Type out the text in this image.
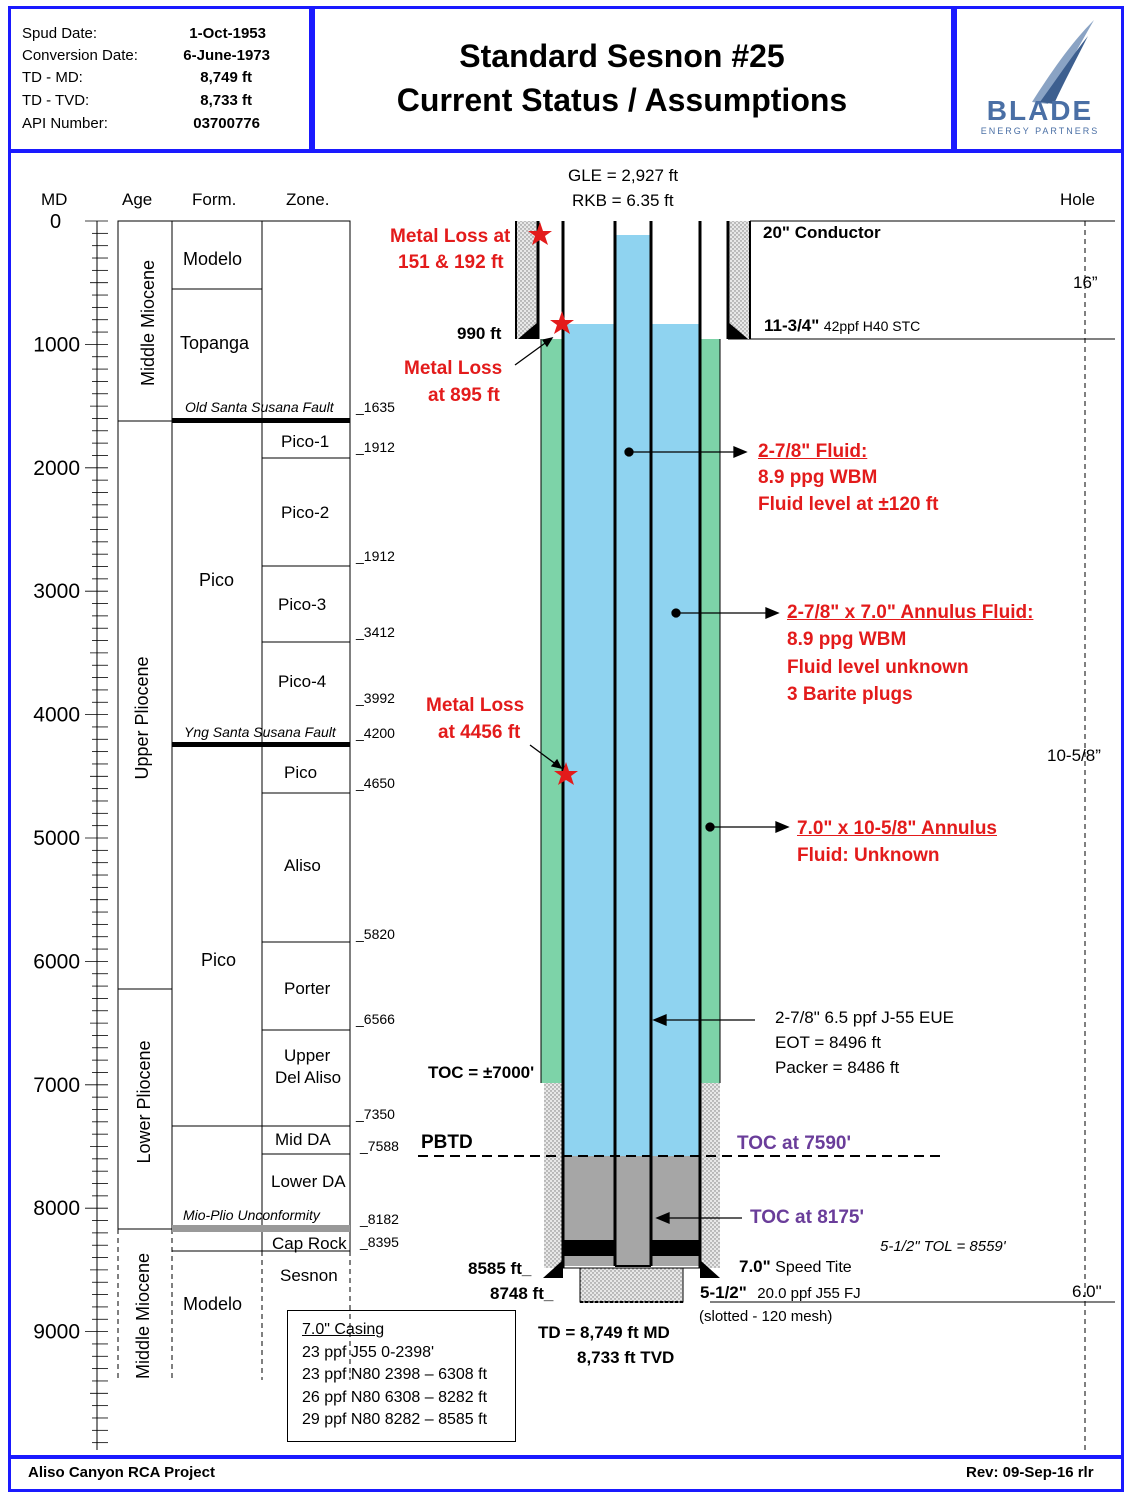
Spud Date:	1-Oct-1953
Conversion Date:	6-June-1973
TD - MD:	8,749 ft
TD - TVD:	8,733 ft
API Number:	03700776
Standard Sesnon #25
Current Status / Assumptions	BLADE
ENERGY PARTNERS
MD
0
Age Form.	Zone.	Hole
GLE = 2,927 ft
RKB = 6.35 ft
1000
2000
3000
4000
5000
6000
7000
8000
9000
Middle Miocene
Upper Pliocene
Lower Pliocene
Middle Miocene
Modelo
Topanga
Pico
Pico
Modelo
Old Santa Susana Fault
Yng Santa Susana Fault
Mio-Plio Unconformity
Pico-1
Pico-2
Pico-3
Pico-4
Pico
Aliso
Porter
Upper
Del Aliso
Mid DA
Lower DA
Cap Rock
Sesnon
_1635
_1912
_1912
_3412
_3992
_4200
_4650
_5820
_6566
_7350
_7588
_8182
_8395
16”
10-5/8”
6.0"
Metal Loss at
151 & 192 ft
Metal Loss
at 895 ft
Metal Loss
at 4456 ft
990 ft
20" Conductor
11-3/4" 42ppf H40 STC
2-7/8" Fluid:
8.9 ppg WBM
Fluid level at ±120 ft
2-7/8" x 7.0" Annulus Fluid:
8.9 ppg WBM
Fluid level unknown
3 Barite plugs
7.0" x 10-5/8" Annulus
Fluid: Unknown
2-7/8" 6.5 ppf J-55 EUE
EOT = 8496 ft
Packer = 8486 ft
TOC = ±7000'
PBTD	TOC at 7590'
TOC at 8175'
5-1/2" TOL = 8559'
8585 ft_
8748 ft_
7.0" Speed Tite
5-1/2" 20.0 ppf J55 FJ
(slotted - 120 mesh)
TD = 8,749 ft MD
8,733 ft TVD
7.0" Casing
23 ppf J55 0-2398'
23 ppf N80 2398 – 6308 ft
26 ppf N80 6308 – 8282 ft
29 ppf N80 8282 – 8585 ft
Aliso Canyon RCA Project	Rev: 09-Sep-16 rlr
